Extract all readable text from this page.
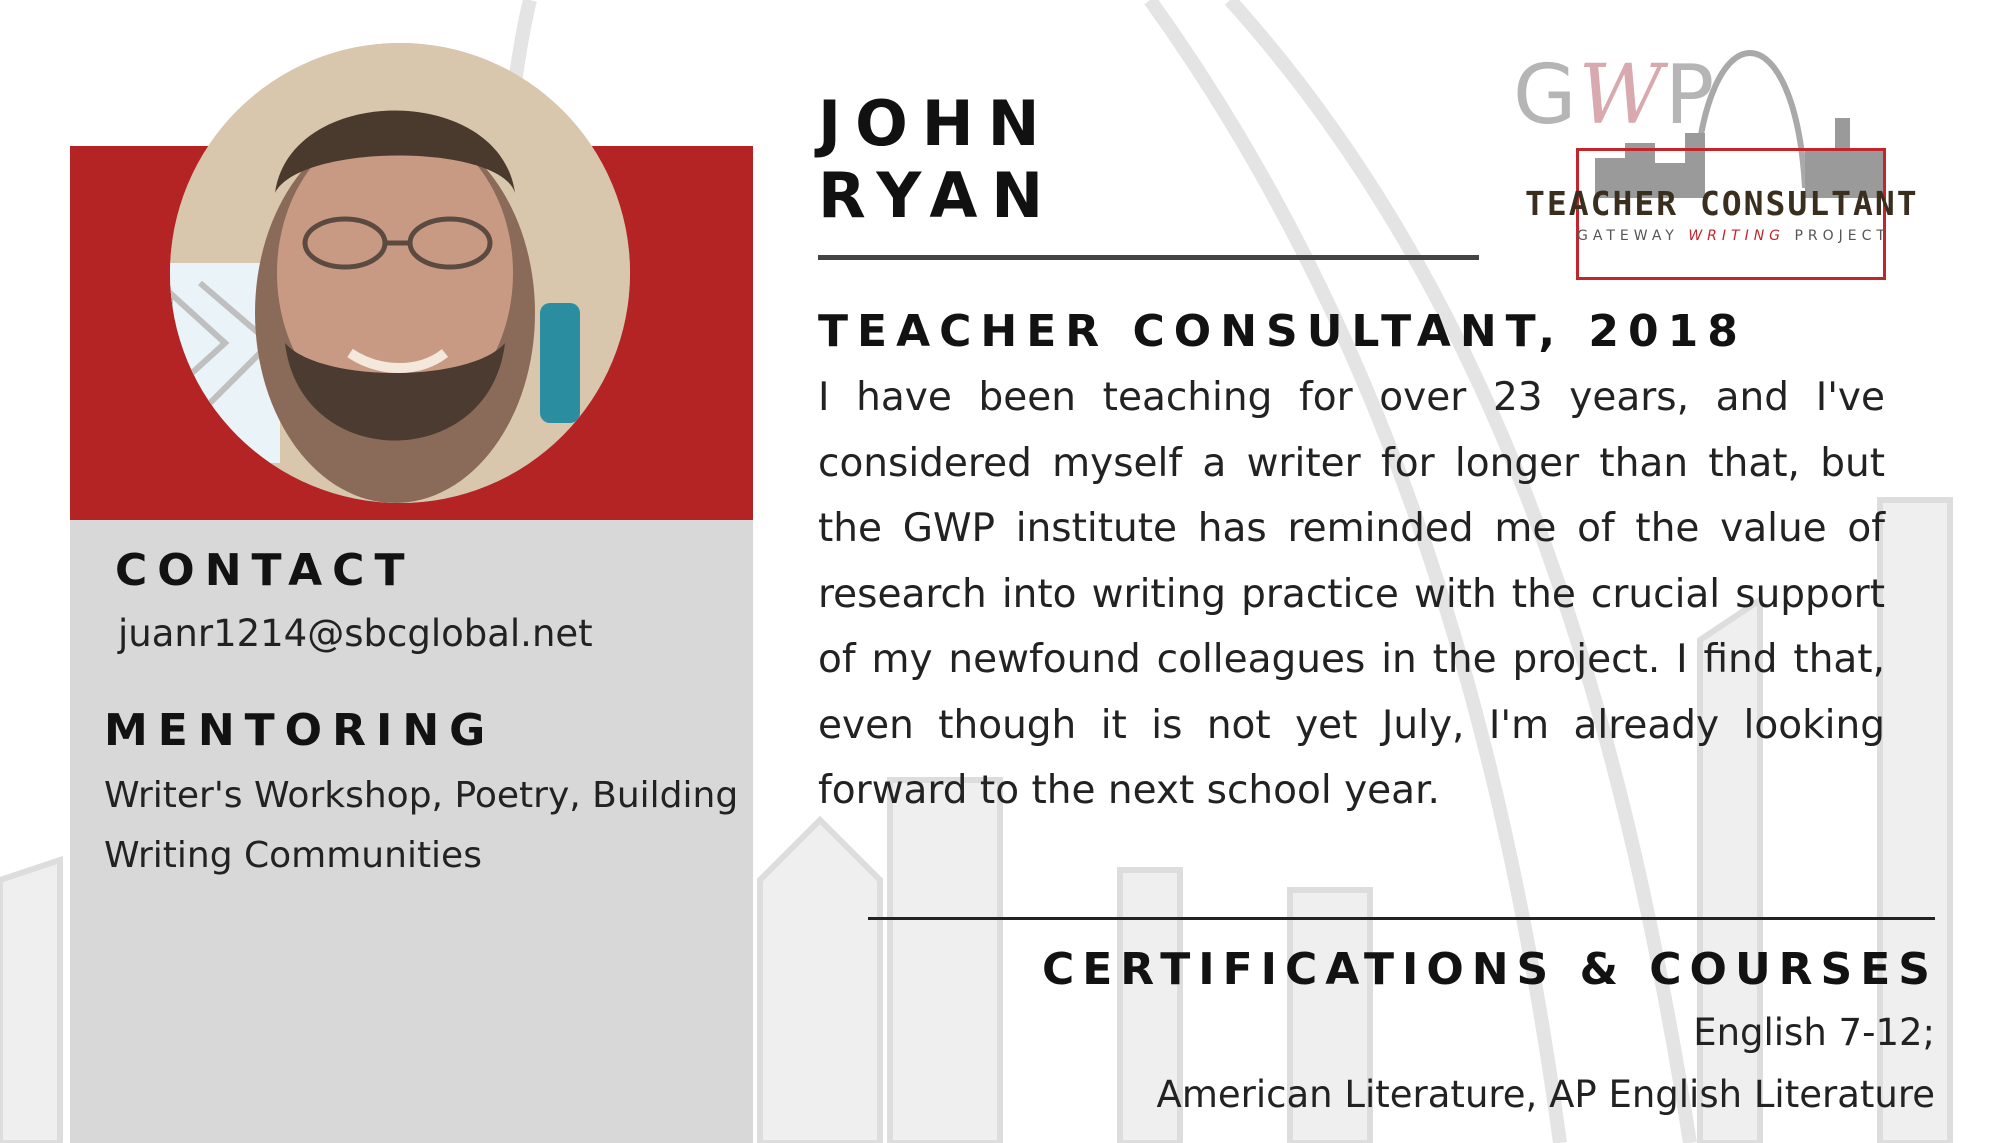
CONTACT
juanr1214@sbcglobal.net
MENTORING
Writer's Workshop, Poetry, Building Writing Communities
JOHN
RYAN
TEACHER CONSULTANT, 2018
I have been teaching for over 23 years, and I've considered myself a writer for longer than that, but the GWP institute has reminded me of the value of research into writing practice with the crucial support of my newfound colleagues in the project. I find that, even though it is not yet July, I'm already looking forward to the next school year.
CERTIFICATIONS & COURSES
English 7-12;
American Literature, AP English Literature
GWP
TEACHER CONSULTANT
GATEWAY WRITING PROJECT
